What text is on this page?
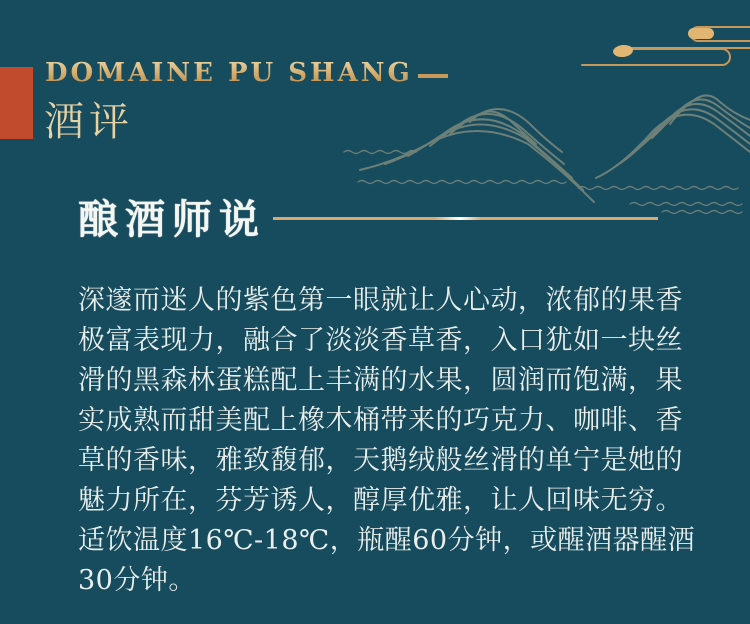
DOMAINE PU SHANG
酒评
酿酒师说
深邃而迷人的紫色第一眼就让人心动，浓郁的果香
极富表现力，融合了淡淡香草香，入口犹如一块丝
滑的黑森林蛋糕配上丰满的水果，圆润而饱满，果
实成熟而甜美配上橡木桶带来的巧克力、咖啡、香
草的香味，雅致馥郁，天鹅绒般丝滑的单宁是她的
魅力所在，芬芳诱人，醇厚优雅，让人回味无穷。
适饮温度16℃-18℃，瓶醒60分钟，或醒酒器醒酒
30分钟。
